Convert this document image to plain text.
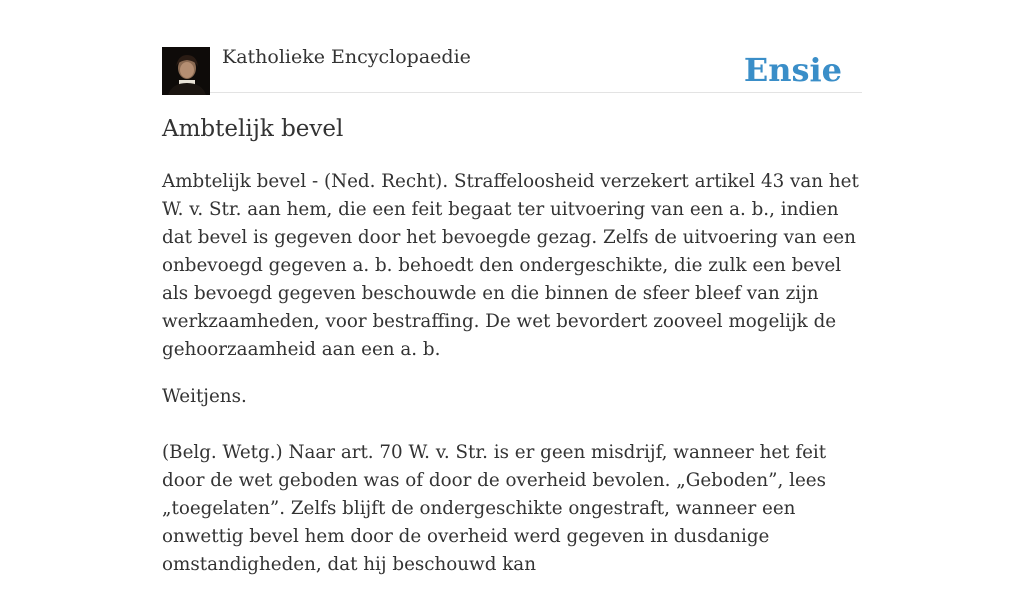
Katholieke Encyclopaedie	Ensie
Ambtelijk bevel

Ambtelijk bevel - (Ned. Recht). Straffeloosheid verzekert artikel 43 van het W. v. Str. aan hem, die een feit begaat ter uitvoering van een a. b., indien dat bevel is gegeven door het bevoegde gezag. Zelfs de uitvoering van een onbevoegd gegeven a. b. behoedt den ondergeschikte, die zulk een bevel als bevoegd gegeven beschouwde en die binnen de sfeer bleef van zijn werkzaamheden, voor bestraffing. De wet bevordert zooveel mogelijk de gehoorzaamheid aan een a. b.

Weitjens.

(Belg. Wetg.) Naar art. 70 W. v. Str. is er geen misdrijf, wanneer het feit door de wet geboden was of door de overheid bevolen. „Geboden”, lees „toegelaten”. Zelfs blijft de ondergeschikte ongestraft, wanneer een onwettig bevel hem door de overheid werd gegeven in dusdanige omstandigheden, dat hij beschouwd kan
